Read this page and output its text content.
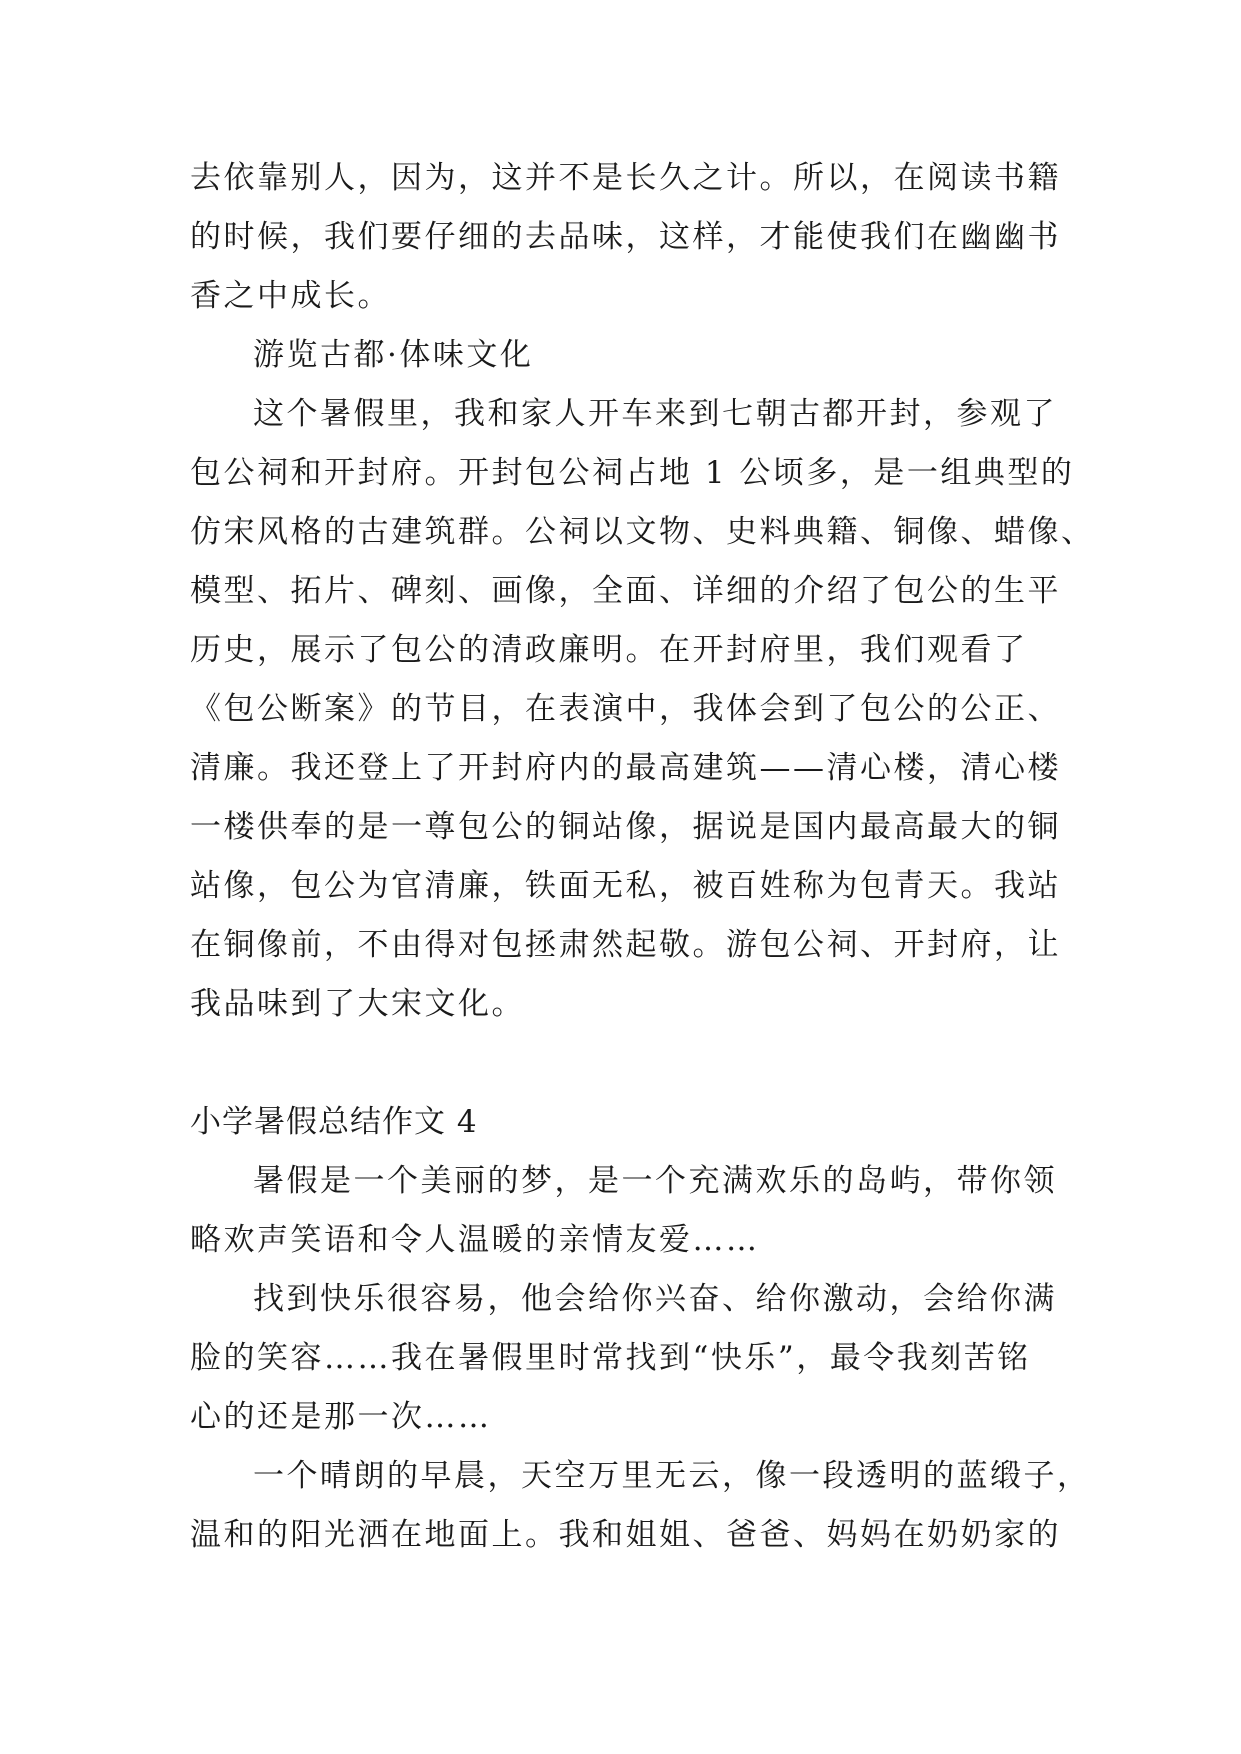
去依靠别人，因为，这并不是长久之计。所以，在阅读书籍
的时候，我们要仔细的去品味，这样，才能使我们在幽幽书
香之中成长。
游览古都·体味文化
这个暑假里，我和家人开车来到七朝古都开封，参观了
包公祠和开封府。开封包公祠占地 1 公顷多，是一组典型的
仿宋风格的古建筑群。公祠以文物、史料典籍、铜像、蜡像、
模型、拓片、碑刻、画像，全面、详细的介绍了包公的生平
历史，展示了包公的清政廉明。在开封府里，我们观看了
《包公断案》的节目，在表演中，我体会到了包公的公正、
清廉。我还登上了开封府内的最高建筑——清心楼，清心楼
一楼供奉的是一尊包公的铜站像，据说是国内最高最大的铜
站像，包公为官清廉，铁面无私，被百姓称为包青天。我站
在铜像前，不由得对包拯肃然起敬。游包公祠、开封府，让
我品味到了大宋文化。
小学暑假总结作文 4
暑假是一个美丽的梦，是一个充满欢乐的岛屿，带你领
略欢声笑语和令人温暖的亲情友爱……
找到快乐很容易，他会给你兴奋、给你激动，会给你满
脸的笑容……我在暑假里时常找到“快乐”，最令我刻苦铭
心的还是那一次……
一个晴朗的早晨，天空万里无云，像一段透明的蓝缎子，
温和的阳光洒在地面上。我和姐姐、爸爸、妈妈在奶奶家的
